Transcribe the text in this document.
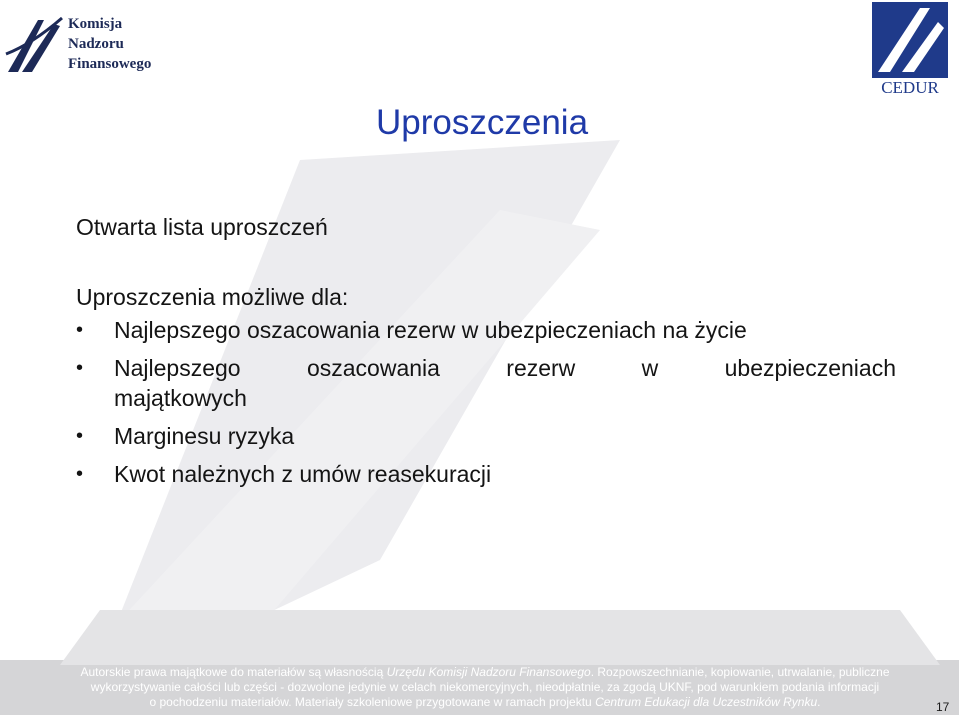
Komisja
Nadzoru
Finansowego
CEDUR
Uproszczenia
Otwarta lista uproszczeń
Uproszczenia możliwe dla:
• Najlepszego oszacowania rezerw w ubezpieczeniach na życie
• Najlepszego	oszacowania	rezerw	w	ubezpieczeniach
majątkowych
• Marginesu ryzyka
• Kwot należnych z umów reasekuracji
Autorskie prawa majątkowe do materiałów są własnością Urzędu Komisji Nadzoru Finansowego. Rozpowszechnianie, kopiowanie, utrwalanie, publiczne
wykorzystywanie całości lub części - dozwolone jedynie w celach niekomercyjnych, nieodpłatnie, za zgodą UKNF, pod warunkiem podania informacji
o pochodzeniu materiałów. Materiały szkoleniowe przygotowane w ramach projektu Centrum Edukacji dla Uczestników Rynku.	17
